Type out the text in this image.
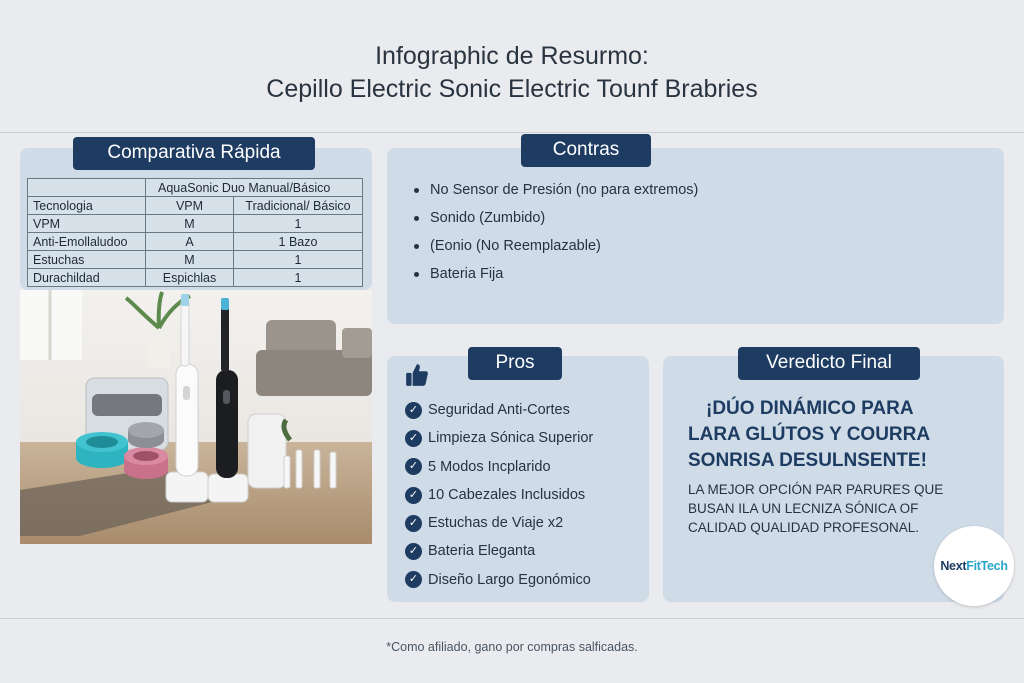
Infographic de Resurmo:
Cepillo Electric Sonic Electric Tounf Brabries
Comparativa Rápida
	AquaSonic Duo Manual/Básico	
Tecnologia	VPM	Tradicional/ Básico
VPM	M	1
Anti-Emollaludoo	A	1 Bazo
Estuchas	M	1
Durachildad	Espichlas	1
Contras
No Sensor de Presión (no para extremos)
Sonido (Zumbido)
(Eonio (No Reemplazable)
Bateria Fija
Pros
✓ Seguridad Anti-Cortes
✓ Limpieza Sónica Superior
✓ 5 Modos Incplarido
✓ 10 Cabezales Inclusidos
✓ Estuchas de Viaje x2
✓ Bateria Eleganta
✓ Diseño Largo Egonómico
Veredicto Final
¡DÚO DINÁMICO PARA
LARA GLÚTOS Y COURRA
SONRISA DESULNSENTE!
LA MEJOR OPCIÓN PAR PARURES QUE
BUSAN ILA UN LECNIZA SÓNICA OF
CALIDAD QUALIDAD PROFESONAL.
NextFitTech
*Como afiliado, gano por compras salficadas.
